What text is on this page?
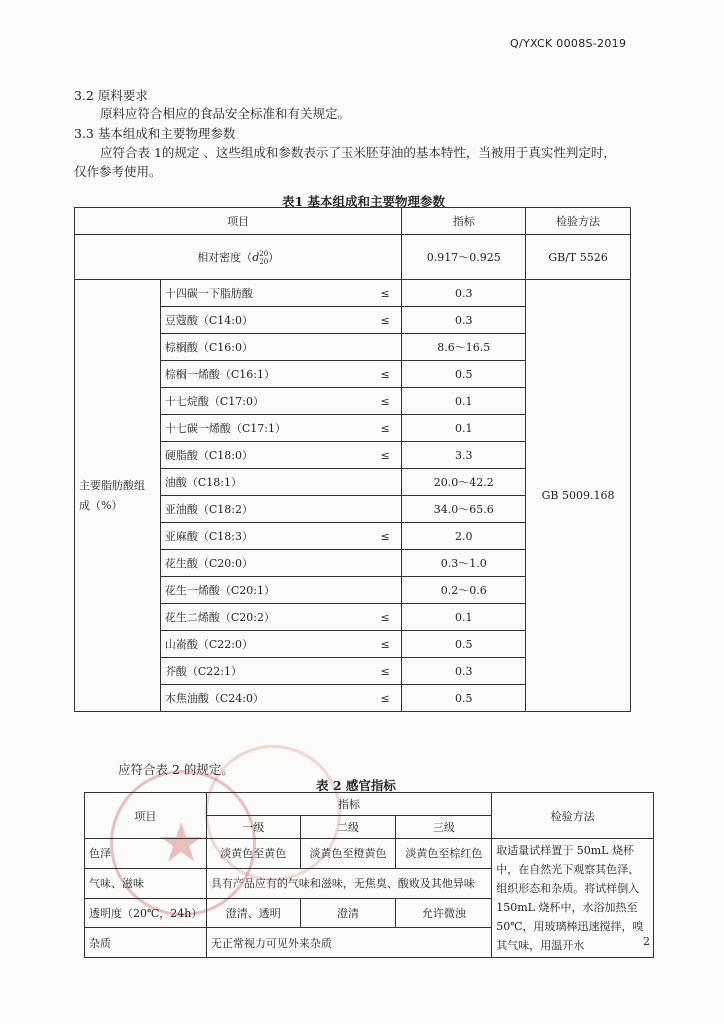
Q/YXCK 0008S-2019
3.2 原料要求
原料应符合相应的食品安全标准和有关规定。
3.3 基本组成和主要物理参数
应符合表 1的规定 、这些组成和参数表示了玉米胚芽油的基本特性，当被用于真实性判定时，
仅作参考使用。
表1 基本组成和主要物理参数
项目			指标	检验方法
相对密度（d 20
20 ）			0.917～0.925	GB/T 5526
主要脂肪酸组成（%）	十四碳一下脂肪酸	≤	0.3	GB 5009.168
	豆蔻酸（C14:0）	≤	0.3	
	棕榈酸（C16:0）		8.6～16.5	
	棕榈一烯酸（C16:1）	≤	0.5	
	十七烷酸（C17:0）	≤	0.1	
	十七碳一烯酸（C17:1）	≤	0.1	
	硬脂酸（C18:0）	≤	3.3	
	油酸（C18:1）		20.0～42.2	
	亚油酸（C18:2）		34.0～65.6	
	亚麻酸（C18:3）	≤	2.0	
	花生酸（C20:0）		0.3～1.0	
	花生一烯酸（C20:1）		0.2～0.6	
	花生二烯酸（C20:2）	≤	0.1	
	山嵛酸（C22:0）	≤	0.5	
	芥酸（C22:1）	≤	0.3	
	木焦油酸（C24:0）	≤	0.5	
应符合表 2 的规定。
表 2 感官指标
★
项目	指标			检验方法
	一级	二级	三级	
色泽	淡黄色至黄色	淡黄色至橙黄色	淡黄色至棕红色	取适量试样置于 50mL 烧杯中，在自然光下观察其色泽、组织形态和杂质。将试样倒入 150mL 烧杯中，水浴加热至 50℃，用玻璃棒迅速搅拌，嗅其气味，用温开水
气味、滋味	具有产品应有的气味和滋味，无焦臭、酸败及其他异味			
透明度（20℃，24h）	澄清、透明	澄清	允许微浊	
杂质	无正常视力可见外来杂质				2
